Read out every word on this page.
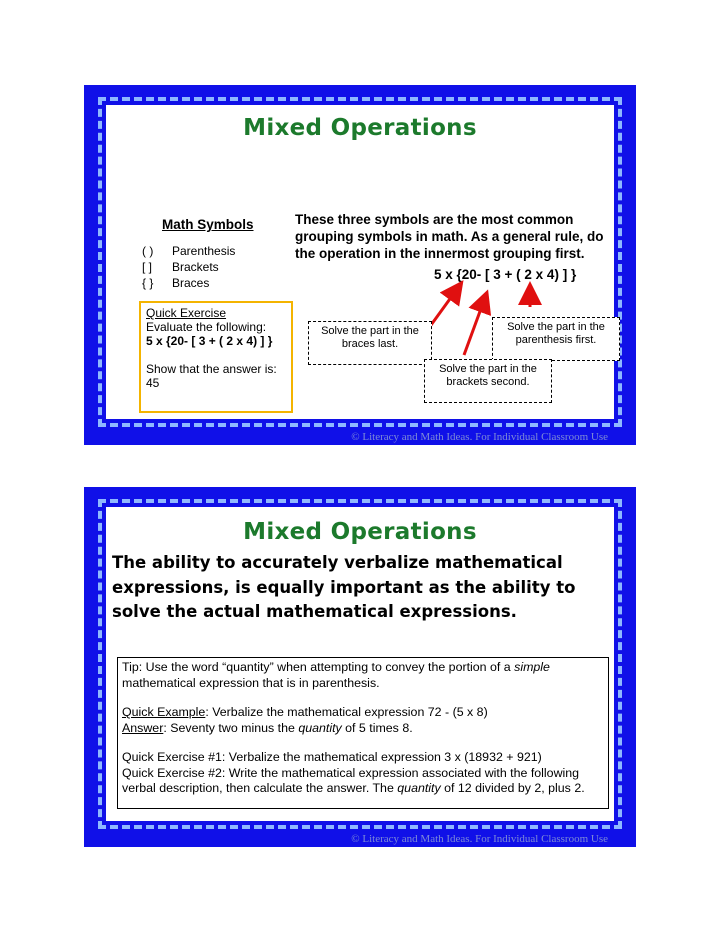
Mixed Operations
Math Symbols
( )	Parenthesis
[ ]	Brackets
{ }	Braces
Quick Exercise
Evaluate the following:
5 x {20- [ 3 + ( 2 x 4) ] }
Show that the answer is:
45
These three symbols are the most common grouping symbols in math. As a general rule, do the operation in the innermost grouping first.
5 x {20- [ 3 + ( 2 x 4) ] }
Solve the part in the braces last.
Solve the part in the parenthesis first.
Solve the part in the brackets second.
© Literacy and Math Ideas. For Individual Classroom Use
Mixed Operations
The ability to accurately verbalize mathematical expressions, is equally important as the ability to solve the actual mathematical expressions.

Tip: Use the word “quantity” when attempting to convey the portion of a simple mathematical expression that is in parenthesis.

Quick Example: Verbalize the mathematical expression 72 - (5 x 8)

Answer: Seventy two minus the quantity of 5 times 8.

Quick Exercise #1: Verbalize the mathematical expression 3 x (18932 + 921)

Quick Exercise #2: Write the mathematical expression associated with the following verbal description, then calculate the answer. The quantity of 12 divided by 2, plus 2.

© Literacy and Math Ideas. For Individual Classroom Use
